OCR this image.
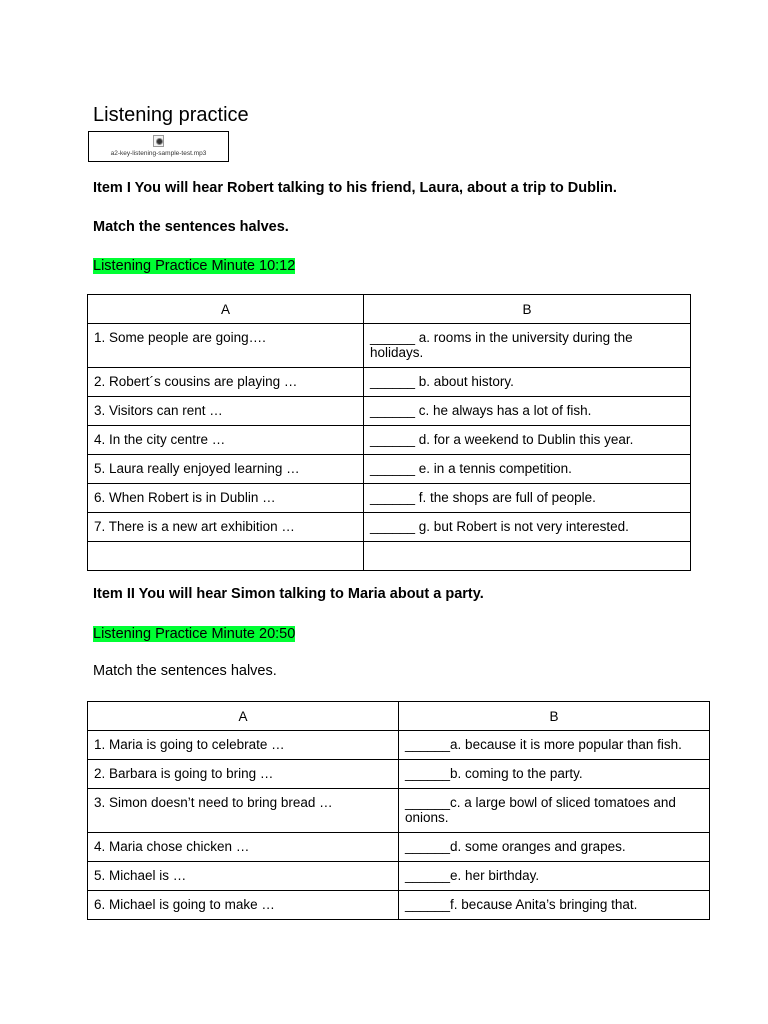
Listening practice
a2-key-listening-sample-test.mp3
Item I You will hear Robert talking to his friend, Laura, about a trip to Dublin.
Match the sentences halves.
Listening Practice Minute 10:12
A	B
1. Some people are going….	______ a. rooms in the university during the holidays.
2. Robert´s cousins are playing …	______ b. about history.
3. Visitors can rent …	______ c. he always has a lot of fish.
4. In the city centre …	______ d. for a weekend to Dublin this year.
5. Laura really enjoyed learning …	______ e. in a tennis competition.
6. When Robert is in Dublin …	______ f. the shops are full of people.
7. There is a new art exhibition …	______ g. but Robert is not very interested.

Item II You will hear Simon talking to Maria about a party.
Listening Practice Minute 20:50
Match the sentences halves.
A	B
1. Maria is going to celebrate …	______a. because it is more popular than fish.
2. Barbara is going to bring …	______b. coming to the party.
3. Simon doesn’t need to bring bread …	______c. a large bowl of sliced tomatoes and onions.
4. Maria chose chicken …	______d. some oranges and grapes.
5. Michael is …	______e. her birthday.
6. Michael is going to make …	______f. because Anita’s bringing that.
